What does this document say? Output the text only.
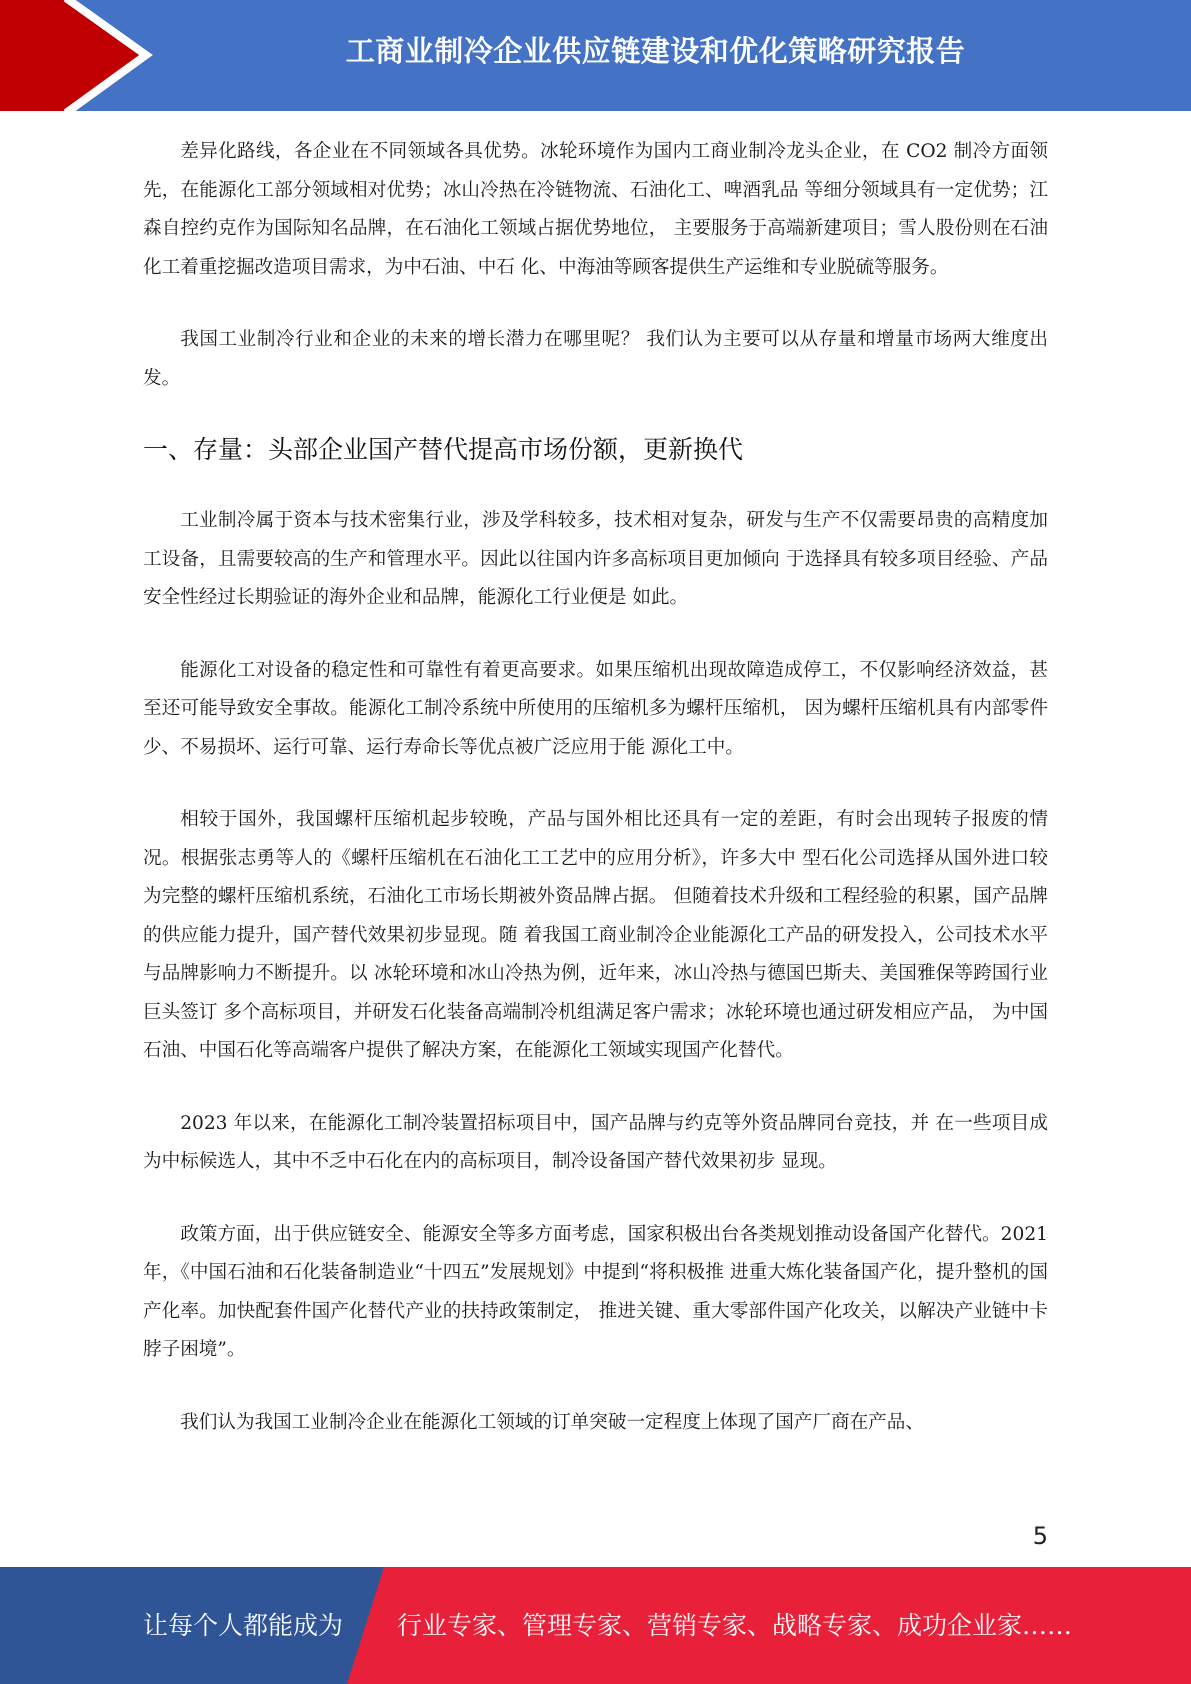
工商业制冷企业供应链建设和优化策略研究报告

差异化路线，各企业在不同领域各具优势。冰轮环境作为国内工商业制冷龙头企业，在 CO2 制冷方面领先，在能源化工部分领域相对优势；冰山冷热在冷链物流、石油化工、啤酒乳品 等细分领域具有一定优势；江森自控约克作为国际知名品牌，在石油化工领域占据优势地位， 主要服务于高端新建项目；雪人股份则在石油化工着重挖掘改造项目需求，为中石油、中石 化、中海油等顾客提供生产运维和专业脱硫等服务。

我国工业制冷行业和企业的未来的增长潜力在哪里呢？ 我们认为主要可以从存量和增量市场两大维度出发。

一、存量：头部企业国产替代提高市场份额，更新换代

工业制冷属于资本与技术密集行业，涉及学科较多，技术相对复杂，研发与生产不仅需要昂贵的高精度加工设备，且需要较高的生产和管理水平。因此以往国内许多高标项目更加倾向 于选择具有较多项目经验、产品安全性经过长期验证的海外企业和品牌，能源化工行业便是 如此。

能源化工对设备的稳定性和可靠性有着更高要求。如果压缩机出现故障造成停工，不仅影响经济效益，甚至还可能导致安全事故。能源化工制冷系统中所使用的压缩机多为螺杆压缩机， 因为螺杆压缩机具有内部零件少、不易损坏、运行可靠、运行寿命长等优点被广泛应用于能 源化工中。

相较于国外，我国螺杆压缩机起步较晚，产品与国外相比还具有一定的差距，有时会出现转子报废的情况。根据张志勇等人的《螺杆压缩机在石油化工工艺中的应用分析》，许多大中 型石化公司选择从国外进口较为完整的螺杆压缩机系统，石油化工市场长期被外资品牌占据。 但随着技术升级和工程经验的积累，国产品牌的供应能力提升，国产替代效果初步显现。随 着我国工商业制冷企业能源化工产品的研发投入，公司技术水平与品牌影响力不断提升。以 冰轮环境和冰山冷热为例，近年来，冰山冷热与德国巴斯夫、美国雅保等跨国行业巨头签订 多个高标项目，并研发石化装备高端制冷机组满足客户需求；冰轮环境也通过研发相应产品， 为中国石油、中国石化等高端客户提供了解决方案，在能源化工领域实现国产化替代。

2023 年以来，在能源化工制冷装置招标项目中，国产品牌与约克等外资品牌同台竞技，并 在一些项目成为中标候选人，其中不乏中石化在内的高标项目，制冷设备国产替代效果初步 显现。

政策方面，出于供应链安全、能源安全等多方面考虑，国家积极出台各类规划推动设备国产化替代。2021 年，《中国石油和石化装备制造业“十四五”发展规划》中提到“将积极推 进重大炼化装备国产化，提升整机的国产化率。加快配套件国产化替代产业的扶持政策制定， 推进关键、重大零部件国产化攻关，以解决产业链中卡脖子困境”。

我们认为我国工业制冷企业在能源化工领域的订单突破一定程度上体现了国产厂商在产品、

5
让每个人都能成为 行业专家、管理专家、营销专家、战略专家、成功企业家……
